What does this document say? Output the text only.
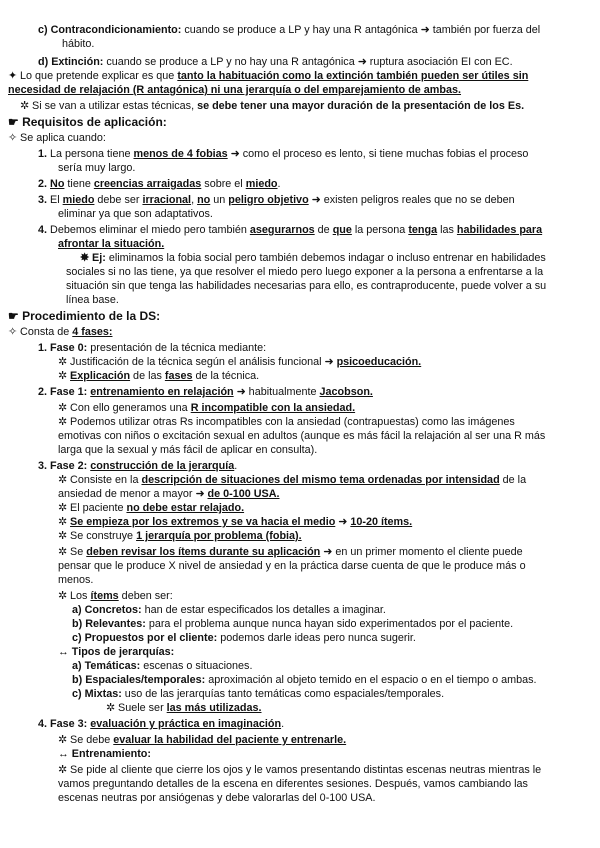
c) Contracondicionamiento: cuando se produce a LP y hay una R antagónica ➜ también por fuerza del
hábito.
d) Extinción: cuando se produce a LP y no hay una R antagónica ➜ ruptura asociación EI con EC.
✦ Lo que pretende explicar es que tanto la habituación como la extinción también pueden ser útiles sin
necesidad de relajación (R antagónica) ni una jerarquía o del emparejamiento de ambas.
✲ Si se van a utilizar estas técnicas, se debe tener una mayor duración de la presentación de los Es.
☛ Requisitos de aplicación:
✧ Se aplica cuando:
1. La persona tiene menos de 4 fobias ➜ como el proceso es lento, si tiene muchas fobias el proceso
sería muy largo.
2. No tiene creencias arraigadas sobre el miedo.
3. El miedo debe ser irracional, no un peligro objetivo ➜ existen peligros reales que no se deben
eliminar ya que son adaptativos.
4. Debemos eliminar el miedo pero también asegurarnos de que la persona tenga las habilidades para
afrontar la situación.
✸ Ej: eliminamos la fobia social pero también debemos indagar o incluso entrenar en habilidades
sociales si no las tiene, ya que resolver el miedo pero luego exponer a la persona a enfrentarse a la
situación sin que tenga las habilidades necesarias para ello, es contraproducente, puede volver a su
línea base.
☛ Procedimiento de la DS:
✧ Consta de 4 fases:
1. Fase 0: presentación de la técnica mediante:
✲ Justificación de la técnica según el análisis funcional ➜ psicoeducación.
✲ Explicación de las fases de la técnica.
2. Fase 1: entrenamiento en relajación ➜ habitualmente Jacobson.
✲ Con ello generamos una R incompatible con la ansiedad.
✲ Podemos utilizar otras Rs incompatibles con la ansiedad (contrapuestas) como las imágenes
emotivas con niños o excitación sexual en adultos (aunque es más fácil la relajación al ser una R más
larga que la sexual y más fácil de aplicar en consulta).
3. Fase 2: construcción de la jerarquía.
✲ Consiste en la descripción de situaciones del mismo tema ordenadas por intensidad de la
ansiedad de menor a mayor ➜ de 0-100 USA.
✲ El paciente no debe estar relajado.
✲ Se empieza por los extremos y se va hacia el medio ➜ 10-20 ítems.
✲ Se construye 1 jerarquía por problema (fobia).
✲ Se deben revisar los ítems durante su aplicación ➜ en un primer momento el cliente puede
pensar que le produce X nivel de ansiedad y en la práctica darse cuenta de que le produce más o
menos.
✲ Los ítems deben ser:
a) Concretos: han de estar especificados los detalles a imaginar.
b) Relevantes: para el problema aunque nunca hayan sido experimentados por el paciente.
c) Propuestos por el cliente: podemos darle ideas pero nunca sugerir.
↔ Tipos de jerarquías:
a) Temáticas: escenas o situaciones.
b) Espaciales/temporales: aproximación al objeto temido en el espacio o en el tiempo o ambas.
c) Mixtas: uso de las jerarquías tanto temáticas como espaciales/temporales.
✲ Suele ser las más utilizadas.
4. Fase 3: evaluación y práctica en imaginación.
✲ Se debe evaluar la habilidad del paciente y entrenarle.
↔ Entrenamiento:
✲ Se pide al cliente que cierre los ojos y le vamos presentando distintas escenas neutras mientras le
vamos preguntando detalles de la escena en diferentes sesiones. Después, vamos cambiando las
escenas neutras por ansiógenas y debe valorarlas del 0-100 USA.
